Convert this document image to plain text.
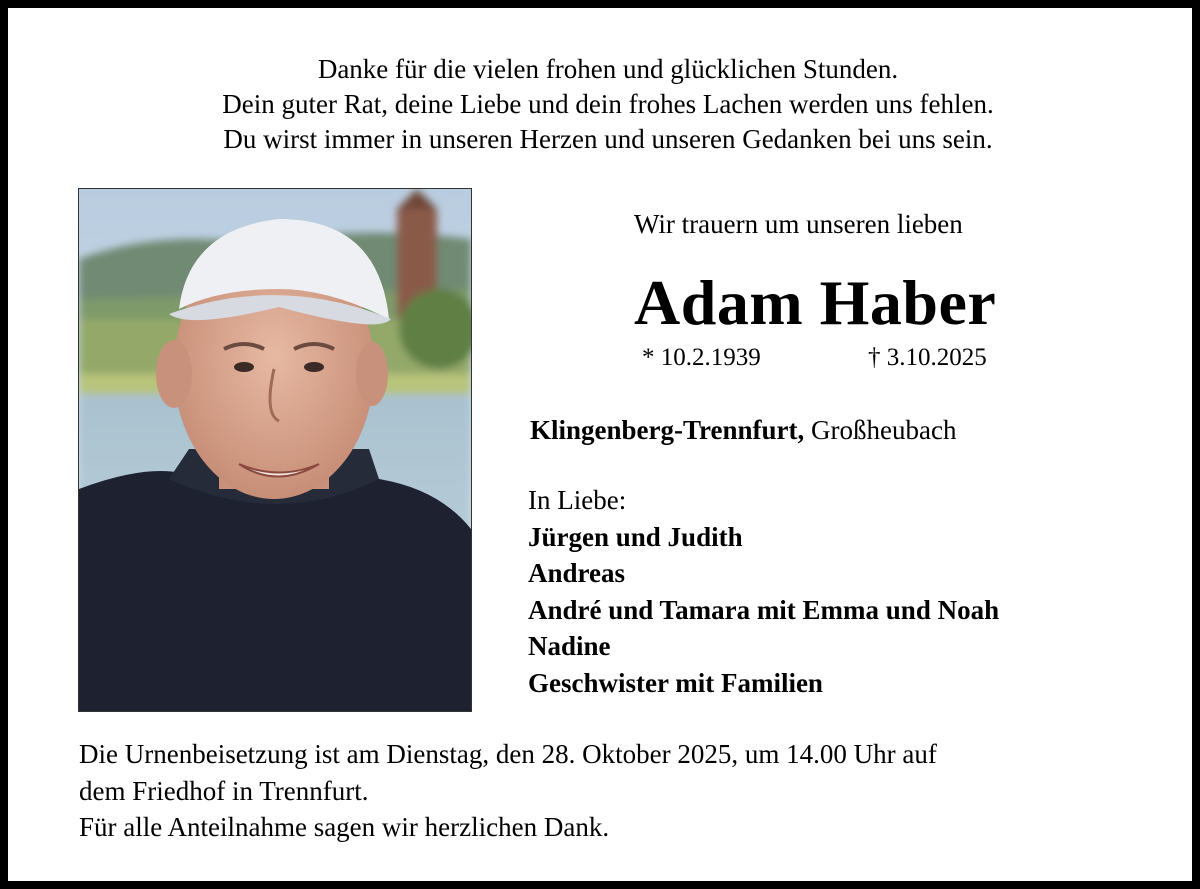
Danke für die vielen frohen und glücklichen Stunden.
Dein guter Rat, deine Liebe und dein frohes Lachen werden uns fehlen.
Du wirst immer in unseren Herzen und unseren Gedanken bei uns sein.
Wir trauern um unseren lieben
Adam Haber
* 10.2.1939	† 3.10.2025
Klingenberg-Trennfurt, Großheubach
In Liebe:
Jürgen und Judith
Andreas
André und Tamara mit Emma und Noah
Nadine
Geschwister mit Familien
Die Urnenbeisetzung ist am Dienstag, den 28. Oktober 2025, um 14.00 Uhr auf
dem Friedhof in Trennfurt.
Für alle Anteilnahme sagen wir herzlichen Dank.
